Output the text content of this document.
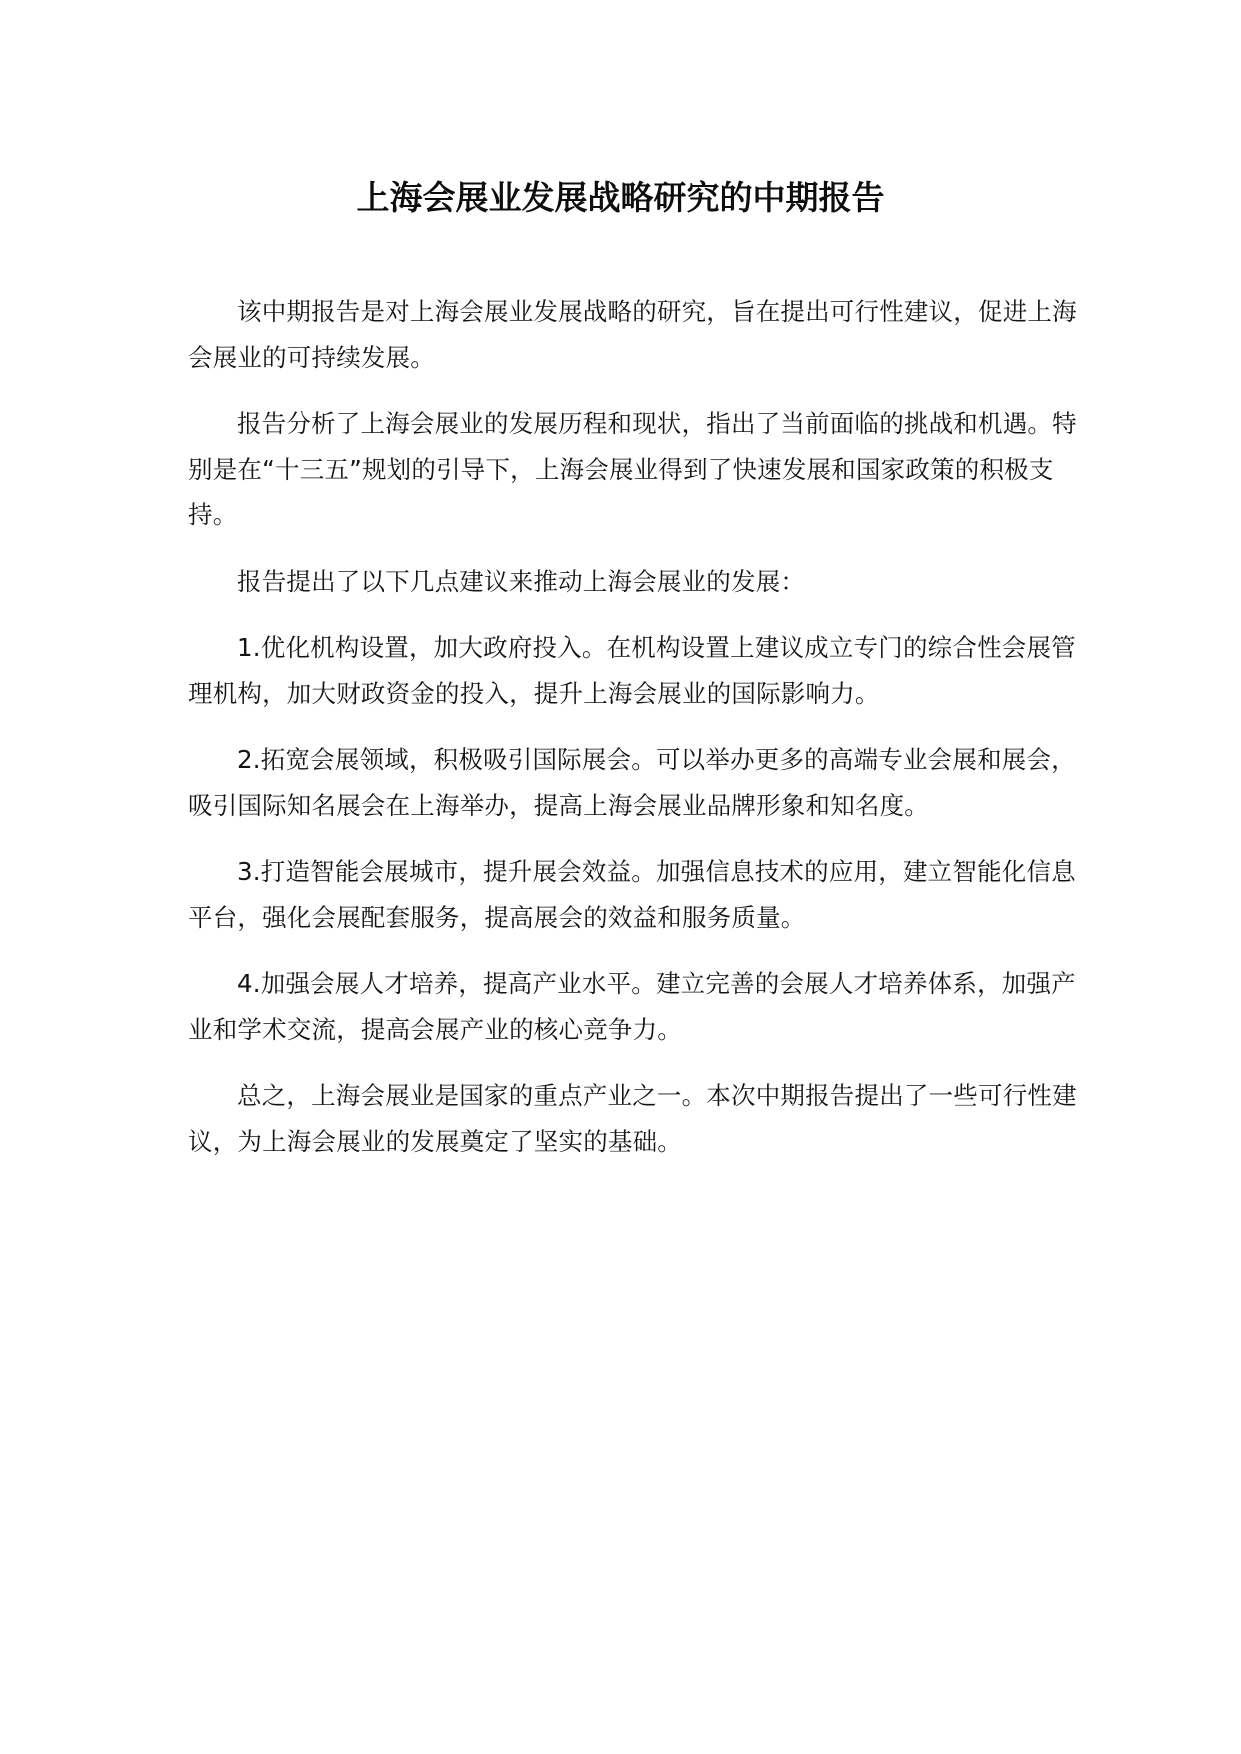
上海会展业发展战略研究的中期报告

该中期报告是对上海会展业发展战略的研究，旨在提出可行性建议，促进上海会展业的可持续发展。

报告分析了上海会展业的发展历程和现状，指出了当前面临的挑战和机遇。特别是在“十三五”规划的引导下，上海会展业得到了快速发展和国家政策的积极支持。

报告提出了以下几点建议来推动上海会展业的发展：

1.优化机构设置，加大政府投入。在机构设置上建议成立专门的综合性会展管理机构，加大财政资金的投入，提升上海会展业的国际影响力。

2.拓宽会展领域，积极吸引国际展会。可以举办更多的高端专业会展和展会，吸引国际知名展会在上海举办，提高上海会展业品牌形象和知名度。

3.打造智能会展城市，提升展会效益。加强信息技术的应用，建立智能化信息平台，强化会展配套服务，提高展会的效益和服务质量。

4.加强会展人才培养，提高产业水平。建立完善的会展人才培养体系，加强产业和学术交流，提高会展产业的核心竞争力。

总之，上海会展业是国家的重点产业之一。本次中期报告提出了一些可行性建议，为上海会展业的发展奠定了坚实的基础。
